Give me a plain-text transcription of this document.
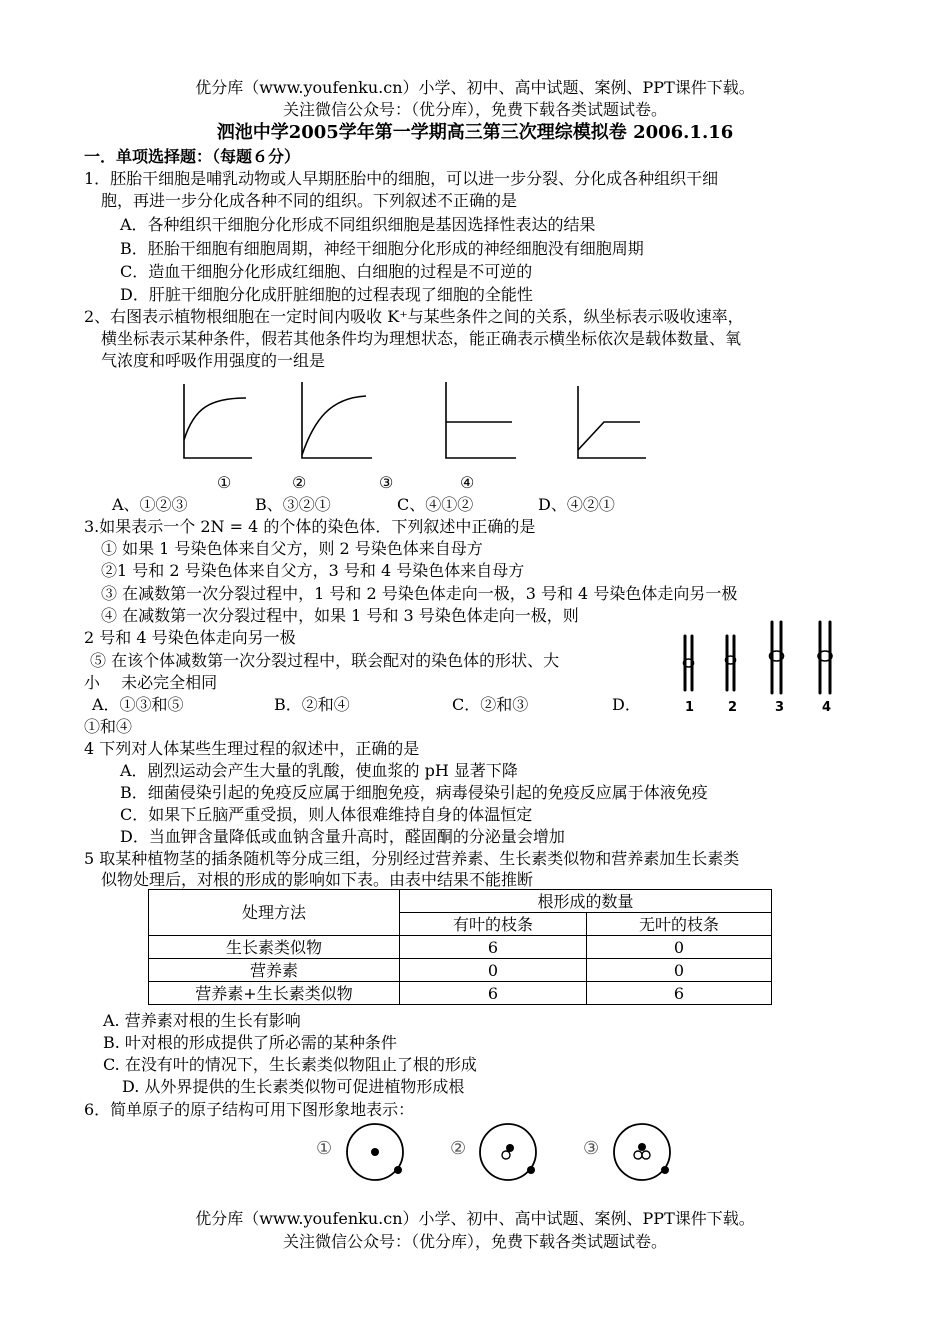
优分库（www.youfenku.cn）小学、初中、高中试题、案例、PPT课件下载。
关注微信公众号：（优分库），免费下载各类试题试卷。
泗池中学2005学年第一学期高三第三次理综模拟卷 2006.1.16
一．单项选择题：（每题６分）
1．胚胎干细胞是哺乳动物或人早期胚胎中的细胞，可以进一步分裂、分化成各种组织干细
胞，再进一步分化成各种不同的组织。下列叙述不正确的是
A．各种组织干细胞分化形成不同组织细胞是基因选择性表达的结果
B．胚胎干细胞有细胞周期，神经干细胞分化形成的神经细胞没有细胞周期
C．造血干细胞分化形成红细胞、白细胞的过程是不可逆的
D．肝脏干细胞分化成肝脏细胞的过程表现了细胞的全能性
2、右图表示植物根细胞在一定时间内吸收 K⁺与某些条件之间的关系，纵坐标表示吸收速率，
横坐标表示某种条件，假若其他条件均为理想状态，能正确表示横坐标依次是载体数量、氧
气浓度和呼吸作用强度的一组是
①	②	③	④
A、①②③	B、③②①	C、④①②	D、④②①
3.如果表示一个 2N = 4 的个体的染色体．下列叙述中正确的是
① 如果 1 号染色体来自父方，则 2 号染色体来自母方
②1 号和 2 号染色体来自父方，3 号和 4 号染色体来自母方
③ 在减数第一次分裂过程中，1 号和 2 号染色体走向一极，3 号和 4 号染色体走向另一极
④ 在减数第一次分裂过程中，如果 1 号和 3 号染色体走向一极，则
2 号和 4 号染色体走向另一极
⑤ 在该个体减数第一次分裂过程中，联会配对的染色体的形状、大
小　 未必完全相同
A．①③和⑤	B．②和④	C．②和③	D．
①和④
1	2	3	4
4 下列对人体某些生理过程的叙述中，正确的是
A．剧烈运动会产生大量的乳酸，使血浆的 pH 显著下降
B．细菌侵染引起的免疫反应属于细胞免疫，病毒侵染引起的免疫反应属于体液免疫
C．如果下丘脑严重受损，则人体很难维持自身的体温恒定
D．当血钾含量降低或血钠含量升高时，醛固酮的分泌量会增加
5 取某种植物茎的插条随机等分成三组，分别经过营养素、生长素类似物和营养素加生长素类
似物处理后，对根的形成的影响如下表。由表中结果不能推断
处理方法	根形成的数量	
	有叶的枝条	无叶的枝条
生长素类似物	6	0
营养素	0	0
营养素+生长素类似物	6	6
A. 营养素对根的生长有影响
B. 叶对根的形成提供了所必需的某种条件
C. 在没有叶的情况下，生长素类似物阻止了根的形成
D. 从外界提供的生长素类似物可促进植物形成根
6．简单原子的原子结构可用下图形象地表示：
①	②	③
优分库（www.youfenku.cn）小学、初中、高中试题、案例、PPT课件下载。
关注微信公众号：（优分库），免费下载各类试题试卷。
